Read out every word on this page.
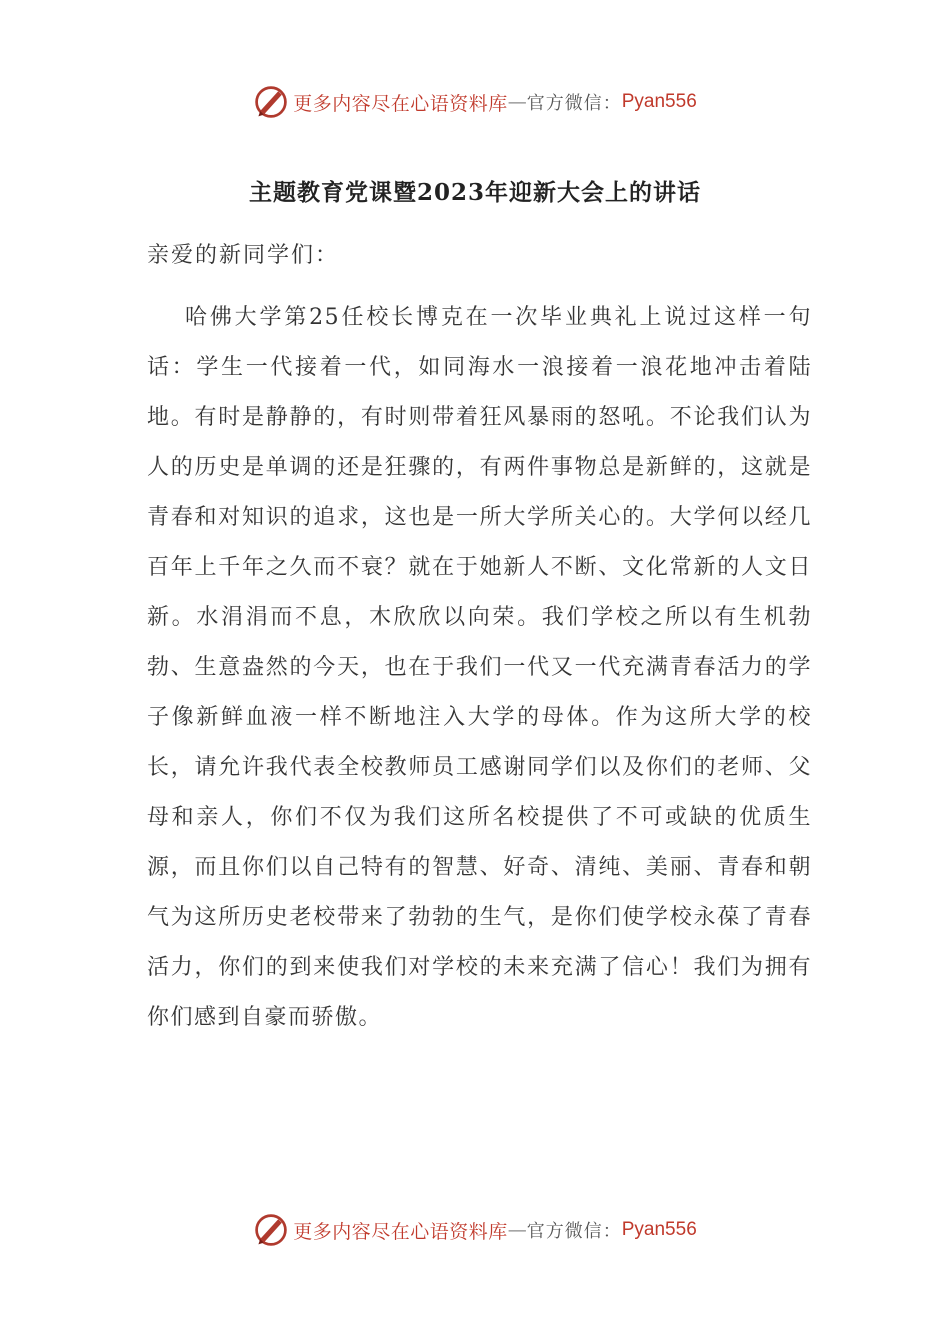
更多内容尽在心语资料库 — 官方微信： Pyan556
主题教育党课暨2023年迎新大会上的讲话
亲爱的新同学们：
哈佛大学第25任校长博克在一次毕业典礼上说过这样一句话：学生一代接着一代，如同海水一浪接着一浪花地冲击着陆地。有时是静静的，有时则带着狂风暴雨的怒吼。不论我们认为人的历史是单调的还是狂骤的，有两件事物总是新鲜的，这就是青春和对知识的追求，这也是一所大学所关心的。大学何以经几百年上千年之久而不衰？就在于她新人不断、文化常新的人文日新。水涓涓而不息，木欣欣以向荣。我们学校之所以有生机勃勃、生意盎然的今天，也在于我们一代又一代充满青春活力的学子像新鲜血液一样不断地注入大学的母体。作为这所大学的校长，请允许我代表全校教师员工感谢同学们以及你们的老师、父母和亲人，你们不仅为我们这所名校提供了不可或缺的优质生源，而且你们以自己特有的智慧、好奇、清纯、美丽、青春和朝气为这所历史老校带来了勃勃的生气，是你们使学校永葆了青春活力，你们的到来使我们对学校的未来充满了信心！我们为拥有你们感到自豪而骄傲。
更多内容尽在心语资料库 — 官方微信： Pyan556
